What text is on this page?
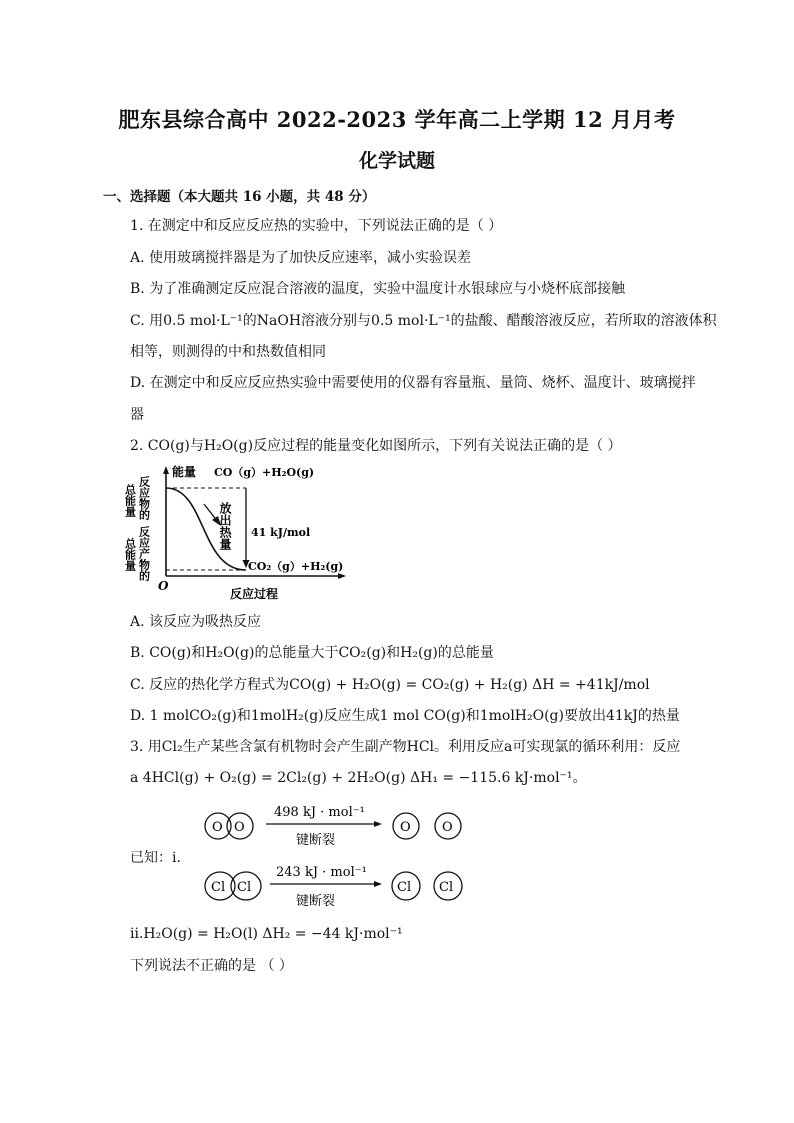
肥东县综合高中 2022-2023 学年高二上学期 12 月月考
化学试题
一、选择题（本大题共 16 小题，共 48 分）
1. 在测定中和反应反应热的实验中，下列说法正确的是（ ）
A. 使用玻璃搅拌器是为了加快反应速率，减小实验误差
B. 为了准确测定反应混合溶液的温度，实验中温度计水银球应与小烧杯底部接触
C. 用0.5 mol·L⁻¹的NaOH溶液分别与0.5 mol·L⁻¹的盐酸、醋酸溶液反应，若所取的溶液体积
相等，则测得的中和热数值相同
D. 在测定中和反应反应热实验中需要使用的仪器有容量瓶、量筒、烧杯、温度计、玻璃搅拌
器
2. CO(g)与H₂O(g)反应过程的能量变化如图所示，下列有关说法正确的是（ ）
总能量 反应物的
总能量 反应产物的
能量
O
反应过程
CO（g）+H₂O(g)
CO₂（g）+H₂(g)
放出热量 41 kJ/mol
A. 该反应为吸热反应
B. CO(g)和H₂O(g)的总能量大于CO₂(g)和H₂(g)的总能量
C. 反应的热化学方程式为CO(g) + H₂O(g) = CO₂(g) + H₂(g) ΔH = +41kJ/mol
D. 1 molCO₂(g)和1molH₂(g)反应生成1 mol CO(g)和1molH₂O(g)要放出41kJ的热量
3. 用Cl₂生产某些含氯有机物时会产生副产物HCl。利用反应a可实现氯的循环利用：反应
a 4HCl(g) + O₂(g) = 2Cl₂(g) + 2H₂O(g) ΔH₁ = −115.6 kJ·mol⁻¹。
O O
498 kJ · mol⁻¹
键断裂
O O
已知：ⅰ.
Cl Cl
243 kJ · mol⁻¹
键断裂
Cl Cl
ⅱ.H₂O(g) = H₂O(l) ΔH₂ = −44 kJ·mol⁻¹
下列说法不正确的是 （ ）
